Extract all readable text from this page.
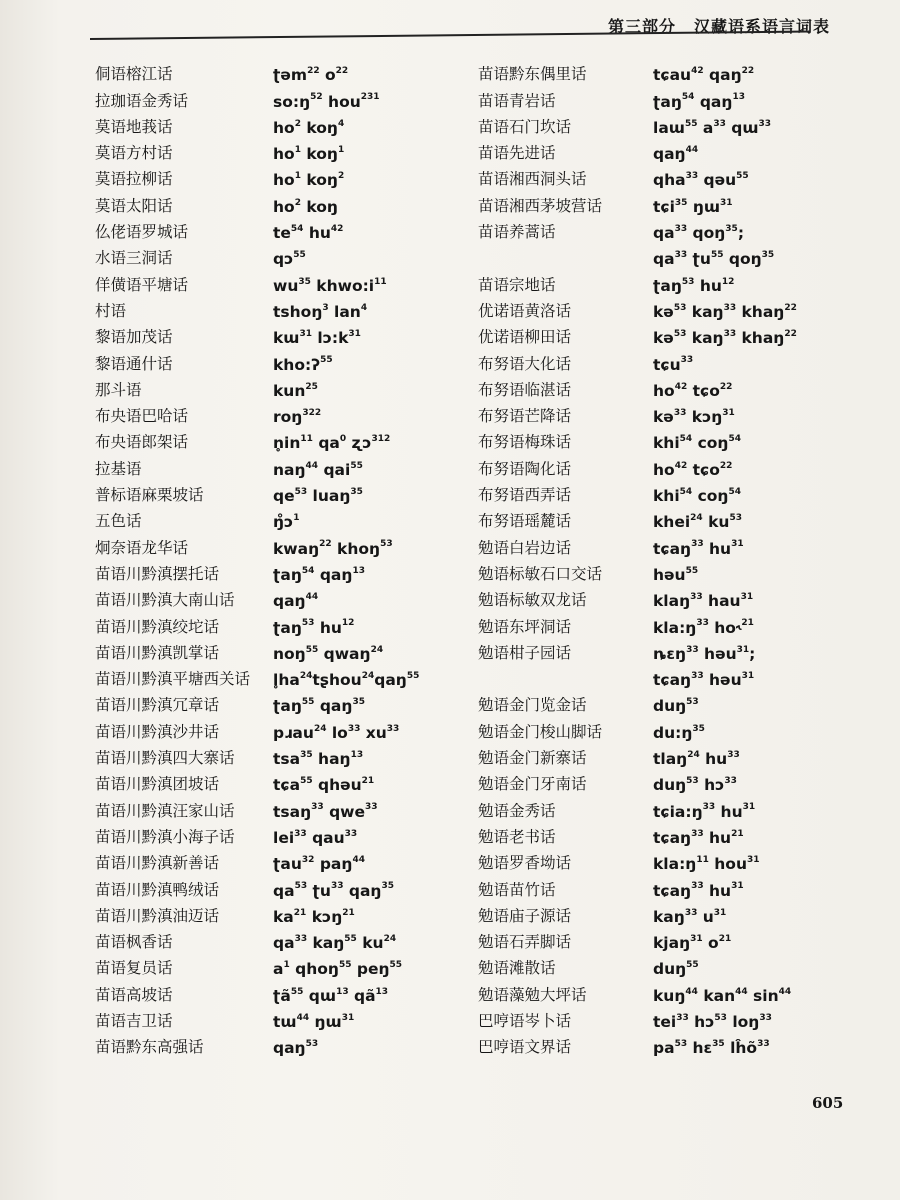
第三部分 汉藏语系语言词表
侗语榕江话	ʈəm$^{22}$ $o^{22}$
拉珈语金秀话	$so:ŋ^{52}$ hou$^{231}$
莫语地莪话	$ho^2$ koŋ$^4$
莫语方村话	$ho^1$ koŋ$^1$
莫语拉柳话	$ho^1$ koŋ$^2$
莫语太阳话	$ho^2$ koŋ
仫佬语罗城话	$te^{54}$ $hu^{42}$
水语三洞话	qɔ$^{55}$
佯僙语平塘话	$wu^{35}$ $khwo:i^{11}$
村语	tshoŋ$^3$ lan$^4$
黎语加茂话	kɯ$^{31}$ $lɔ:k^{31}$
黎语通什话	kho:ʔ$^{55}$
那斗语	kun$^{25}$
布央语巴哈话	roŋ$^{322}$
布央语郎架话	$n̥in^{11}$ $qa^0$ ʐɔ$^{312}$
拉基语	naŋ$^{44}$ qai$^{55}$
普标语麻栗坡话	$qe^{53}$ luaŋ$^{35}$
五色话	ŋ̊ɔ$^1$
炯奈语龙华话	kwaŋ$^{22}$ khoŋ$^{53}$
苗语川黔滇摆托话	ʈaŋ$^{54}$ qaŋ$^{13}$
苗语川黔滇大南山话	qaŋ$^{44}$
苗语川黔滇绞坨话	ʈaŋ$^{53}$ $hu^{12}$
苗语川黔滇凯掌话	noŋ$^{55}$ qwaŋ$^{24}$
苗语川黔滇平塘西关话	$l̥ha^{24}tʂhou^{24}qaŋ^{55}$
苗语川黔滇冗章话	ʈaŋ$^{55}$ qaŋ$^{35}$
苗语川黔滇沙井话	pɹau$^{24}$ $lo^{33}$ $xu^{33}$
苗语川黔滇四大寨话	tsa$^{35}$ haŋ$^{13}$
苗语川黔滇团坡话	tɕa$^{55}$ qhəu$^{21}$
苗语川黔滇汪家山话	tsaŋ$^{33}$ qwe$^{33}$
苗语川黔滇小海子话	lei$^{33}$ qau$^{33}$
苗语川黔滇新善话	ʈau$^{32}$ paŋ$^{44}$
苗语川黔滇鸭绒话	$qa^{53}$ ʈu$^{33}$ qaŋ$^{35}$
苗语川黔滇油迈话	$ka^{21}$ kɔŋ$^{21}$
苗语枫香话	$qa^{33}$ kaŋ$^{55}$ $ku^{24}$
苗语复员话	$a^1$ qhoŋ$^{55}$ peŋ$^{55}$
苗语高坡话	ʈã$^{55}$ qɯ$^{13}$ $qã^{13}$
苗语吉卫话	tɯ$^{44}$ ŋɯ$^{31}$
苗语黔东高强话	qaŋ$^{53}$
苗语黔东偶里话	tɕau$^{42}$ qaŋ$^{22}$
苗语青岩话	ʈaŋ$^{54}$ qaŋ$^{13}$
苗语石门坎话	laɯ$^{55}$ $a^{33}$ qɯ$^{33}$
苗语先进话	qaŋ$^{44}$
苗语湘西洞头话	qha$^{33}$ qəu$^{55}$
苗语湘西茅坡营话	tɕi$^{35}$ ŋɯ$^{31}$
苗语养蒿话	$qa^{33}$ qoŋ$^{35}$;
$qa^{33}$ ʈu$^{55}$ qoŋ$^{35}$
苗语宗地话	ʈaŋ$^{53}$ $hu^{12}$
优诺语黄洛话	kə$^{53}$ kaŋ$^{33}$ khaŋ$^{22}$
优诺语柳田话	kə$^{53}$ kaŋ$^{33}$ khaŋ$^{22}$
布努语大化话	tɕu$^{33}$
布努语临湛话	$ho^{42}$ tɕo$^{22}$
布努语芒降话	kə$^{33}$ kɔŋ$^{31}$
布努语梅珠话	khi$^{54}$ coŋ$^{54}$
布努语陶化话	$ho^{42}$ tɕo$^{22}$
布努语西弄话	khi$^{54}$ coŋ$^{54}$
布努语瑶麓话	khei$^{24}$ $ku^{53}$
勉语白岩边话	tɕaŋ$^{33}$ $hu^{31}$
勉语标敏石口交话	həu$^{55}$
勉语标敏双龙话	klaŋ$^{33}$ hau$^{31}$
勉语东坪洞话	$kla:ŋ^{33}$ ho˞$^{21}$
勉语柑子园话	ȵɛŋ$^{33}$ həu$^{31}$;
tɕaŋ$^{33}$ həu$^{31}$
勉语金门览金话	duŋ$^{53}$
勉语金门梭山脚话	$du:ŋ^{35}$
勉语金门新寨话	tlaŋ$^{24}$ $hu^{33}$
勉语金门牙南话	duŋ$^{53}$ hɔ$^{33}$
勉语金秀话	$tɕia:ŋ^{33}$ $hu^{31}$
勉语老书话	tɕaŋ$^{33}$ $hu^{21}$
勉语罗香坳话	$kla:ŋ^{11}$ hou$^{31}$
勉语苗竹话	tɕaŋ$^{33}$ $hu^{31}$
勉语庙子源话	kaŋ$^{33}$ $u^{31}$
勉语石弄脚话	kjaŋ$^{31}$ $o^{21}$
勉语滩散话	duŋ$^{55}$
勉语藻勉大坪话	kuŋ$^{44}$ kan$^{44}$ $\sin^{44}$
巴哼语岑卜话	tei$^{33}$ hɔ$^{53}$ loŋ$^{33}$
巴哼语文界话	$pa^{53}$ hɛ$^{35}$ lĥõ$^{33}$
605
